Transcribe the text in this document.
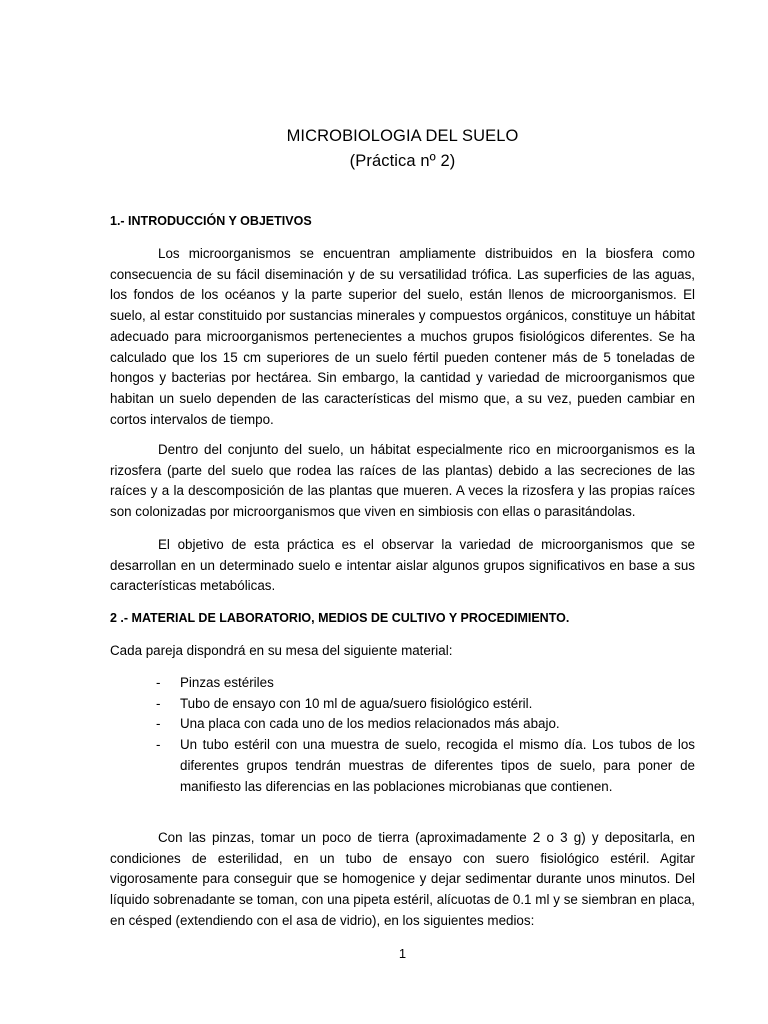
MICROBIOLOGIA DEL SUELO
(Práctica nº 2)
1.- INTRODUCCIÓN Y OBJETIVOS

Los microorganismos se encuentran ampliamente distribuidos en la biosfera como consecuencia de su fácil diseminación y de su versatilidad trófica. Las superficies de las aguas, los fondos de los océanos y la parte superior del suelo, están llenos de microorganismos. El suelo, al estar constituido por sustancias minerales y compuestos orgánicos, constituye un hábitat adecuado para microorganismos pertenecientes a muchos grupos fisiológicos diferentes. Se ha calculado que los 15 cm superiores de un suelo fértil pueden contener más de 5 toneladas de hongos y bacterias por hectárea. Sin embargo, la cantidad y variedad de microorganismos que habitan un suelo dependen de las características del mismo que, a su vez, pueden cambiar en cortos intervalos de tiempo.

Dentro del conjunto del suelo, un hábitat especialmente rico en microorganismos es la rizosfera (parte del suelo que rodea las raíces de las plantas) debido a las secreciones de las raíces y a la descomposición de las plantas que mueren. A veces la rizosfera y las propias raíces son colonizadas por microorganismos que viven en simbiosis con ellas o parasitándolas.

El objetivo de esta práctica es el observar la variedad de microorganismos que se desarrollan en un determinado suelo e intentar aislar algunos grupos significativos en base a sus características metabólicas.

2 .- MATERIAL DE LABORATORIO, MEDIOS DE CULTIVO Y PROCEDIMIENTO.

Cada pareja dispondrá en su mesa del siguiente material:

- Pinzas estériles
- Tubo de ensayo con 10 ml de agua/suero fisiológico estéril.
- Una placa con cada uno de los medios relacionados más abajo.
- Un tubo estéril con una muestra de suelo, recogida el mismo día. Los tubos de los diferentes grupos tendrán muestras de diferentes tipos de suelo, para poner de manifiesto las diferencias en las poblaciones microbianas que contienen.

Con las pinzas, tomar un poco de tierra (aproximadamente 2 o 3 g) y depositarla, en condiciones de esterilidad, en un tubo de ensayo con suero fisiológico estéril. Agitar vigorosamente para conseguir que se homogenice y dejar sedimentar durante unos minutos. Del líquido sobrenadante se toman, con una pipeta estéril, alícuotas de 0.1 ml y se siembran en placa, en césped (extendiendo con el asa de vidrio), en los siguientes medios:

1
